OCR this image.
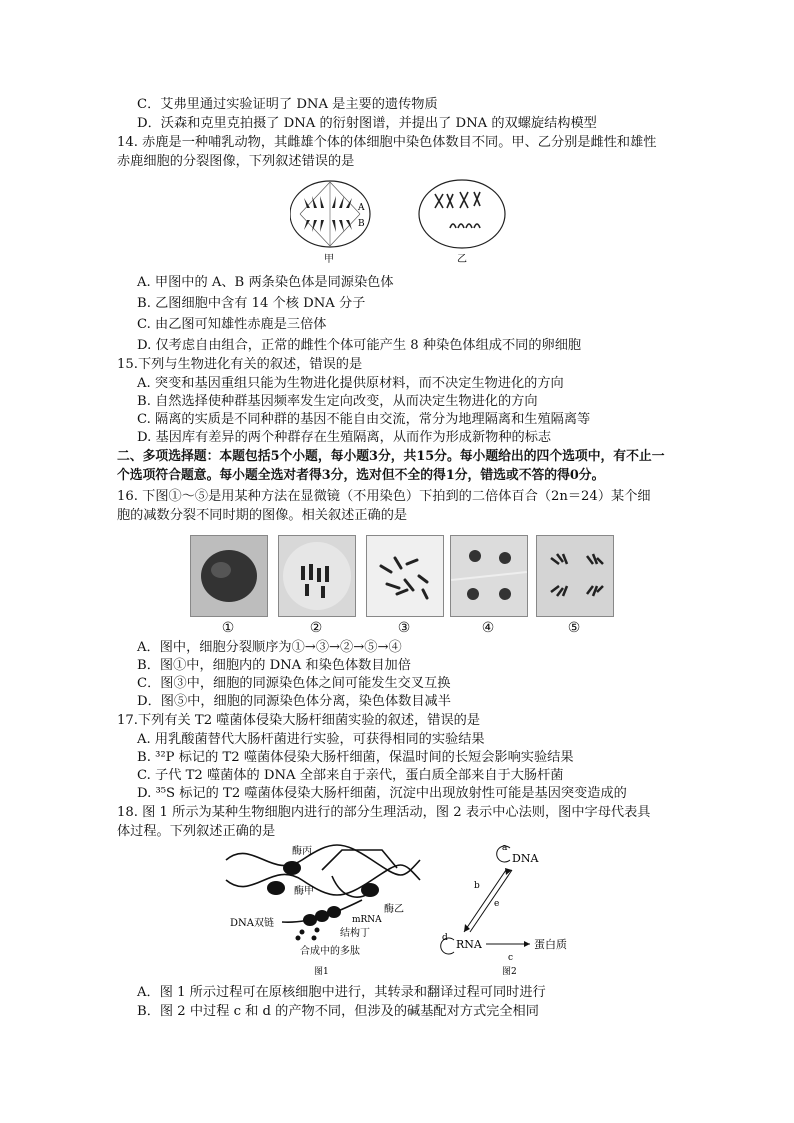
C．艾弗里通过实验证明了 DNA 是主要的遗传物质
D．沃森和克里克拍摄了 DNA 的衍射图谱，并提出了 DNA 的双螺旋结构模型
14. 赤鹿是一种哺乳动物，其雌雄个体的体细胞中染色体数目不同。甲、乙分别是雌性和雄性
赤鹿细胞的分裂图像，下列叙述错误的是
A
B
甲	乙
A. 甲图中的 A、B 两条染色体是同源染色体
B. 乙图细胞中含有 14 个核 DNA 分子
C. 由乙图可知雄性赤鹿是三倍体
D. 仅考虑自由组合，正常的雌性个体可能产生 8 种染色体组成不同的卵细胞
15.下列与生物进化有关的叙述，错误的是
A. 突变和基因重组只能为生物进化提供原材料，而不决定生物进化的方向
B. 自然选择使种群基因频率发生定向改变，从而决定生物进化的方向
C. 隔离的实质是不同种群的基因不能自由交流，常分为地理隔离和生殖隔离等
D. 基因库有差异的两个种群存在生殖隔离，从而作为形成新物种的标志
二、多项选择题：本题包括5个小题，每小题3分，共15分。每小题给出的四个选项中，有不止一
个选项符合题意。每小题全选对者得3分，选对但不全的得1分，错选或不答的得0分。
16. 下图①～⑤是用某种方法在显微镜（不用染色）下拍到的二倍体百合（2n＝24）某个细
胞的减数分裂不同时期的图像。相关叙述正确的是
①	②	③	④	⑤
A．图中，细胞分裂顺序为①→③→②→⑤→④
B．图①中，细胞内的 DNA 和染色体数目加倍
C．图③中，细胞的同源染色体之间可能发生交叉互换
D．图⑤中，细胞的同源染色体分离，染色体数目减半
17.下列有关 T2 噬菌体侵染大肠杆细菌实验的叙述，错误的是
A. 用乳酸菌替代大肠杆菌进行实验，可获得相同的实验结果
B. ³²P 标记的 T2 噬菌体侵染大肠杆细菌，保温时间的长短会影响实验结果
C. 子代 T2 噬菌体的 DNA 全部来自于亲代，蛋白质全部来自于大肠杆菌
D. ³⁵S 标记的 T2 噬菌体侵染大肠杆细菌，沉淀中出现放射性可能是基因突变造成的
18. 图 1 所示为某种生物细胞内进行的部分生理活动，图 2 表示中心法则，图中字母代表具
体过程。下列叙述正确的是
酶丙
酶甲
酶乙
mRNA
结构丁
DNA双链
合成中的多肽
图1
DNA
RNA	蛋白质
a
b
e
d
c
图2
A．图 1 所示过程可在原核细胞中进行，其转录和翻译过程可同时进行
B．图 2 中过程 c 和 d 的产物不同，但涉及的碱基配对方式完全相同
